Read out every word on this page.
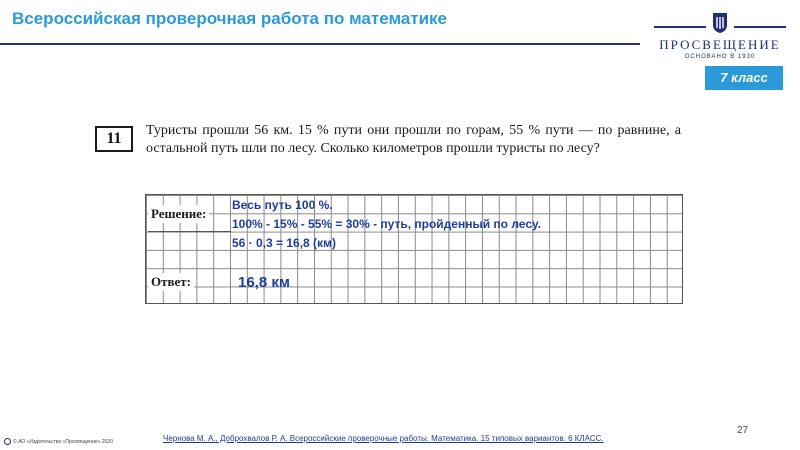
Всероссийская проверочная работа по математике
ПРОСВЕЩЕНИЕ
ОСНОВАНО В 1930
7 класс
11	Туристы прошли 56 км. 15 % пути они прошли по горам, 55 % пути — по равнине, а остальной путь шли по лесу. Сколько километров прошли туристы по лесу?
Решение:
Ответ:
Весь путь 100 %.
100% - 15% - 55% = 30% - путь, пройденный по лесу.
56 · 0,3 = 16,8 (км)
16,8 км
27
© АО «Издательство «Просвещение» 2020	Чернова М. А., Доброхвалов Р. А. Всероссийские проверочные работы. Математика. 15 типовых вариантов. 6 КЛАСС.
